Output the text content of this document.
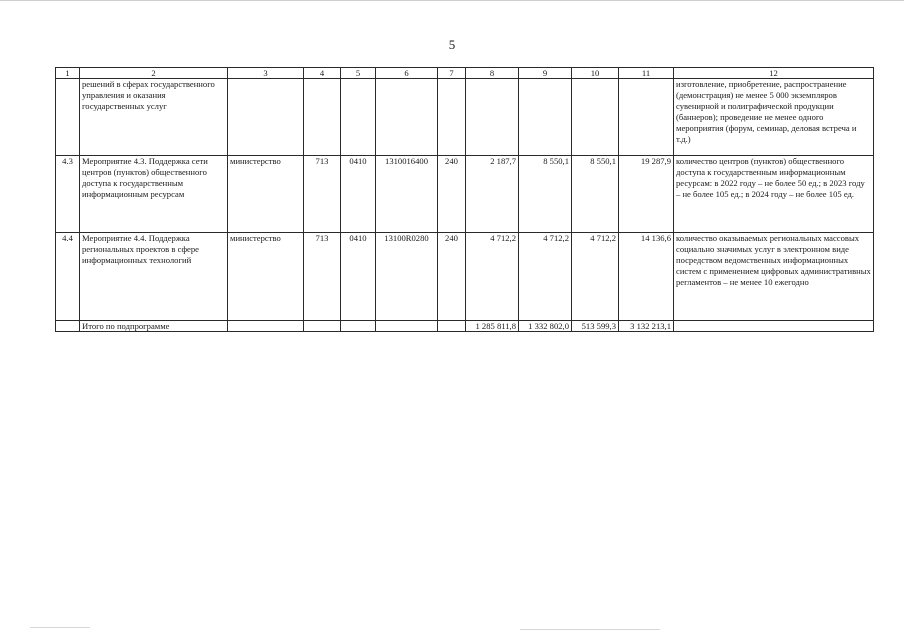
5
1	2	3	4	5	6	7	8	9	10	11	12
	решений в сферах государственного управления и оказания государственных услуг										изготовление, приобретение, распространение (демонстрация) не менее 5 000 экземпляров сувенирной и полиграфической продукции (баннеров); проведение не менее одного мероприятия (форум, семинар, деловая встреча и т.д.)
4.3	Мероприятие 4.3. Поддержка сети центров (пунктов) общественного доступа к государственным информационным ресурсам	министерство	713	0410	1310016400	240	2 187,7	8 550,1	8 550,1	19 287,9	количество центров (пунктов) общественного доступа к государственным информационным ресурсам: в 2022 году – не более 50 ед.; в 2023 году – не более 105 ед.; в 2024 году – не более 105 ед.
4.4	Мероприятие 4.4. Поддержка региональных проектов в сфере информационных технологий	министерство	713	0410	13100R0280	240	4 712,2	4 712,2	4 712,2	14 136,6	количество оказываемых региональных массовых социально значимых услуг в электронном виде посредством ведомственных информационных систем с применением цифровых административных регламентов – не менее 10 ежегодно
	Итого по подпрограмме						1 285 811,8	1 332 802,0	513 599,3	3 132 213,1	
